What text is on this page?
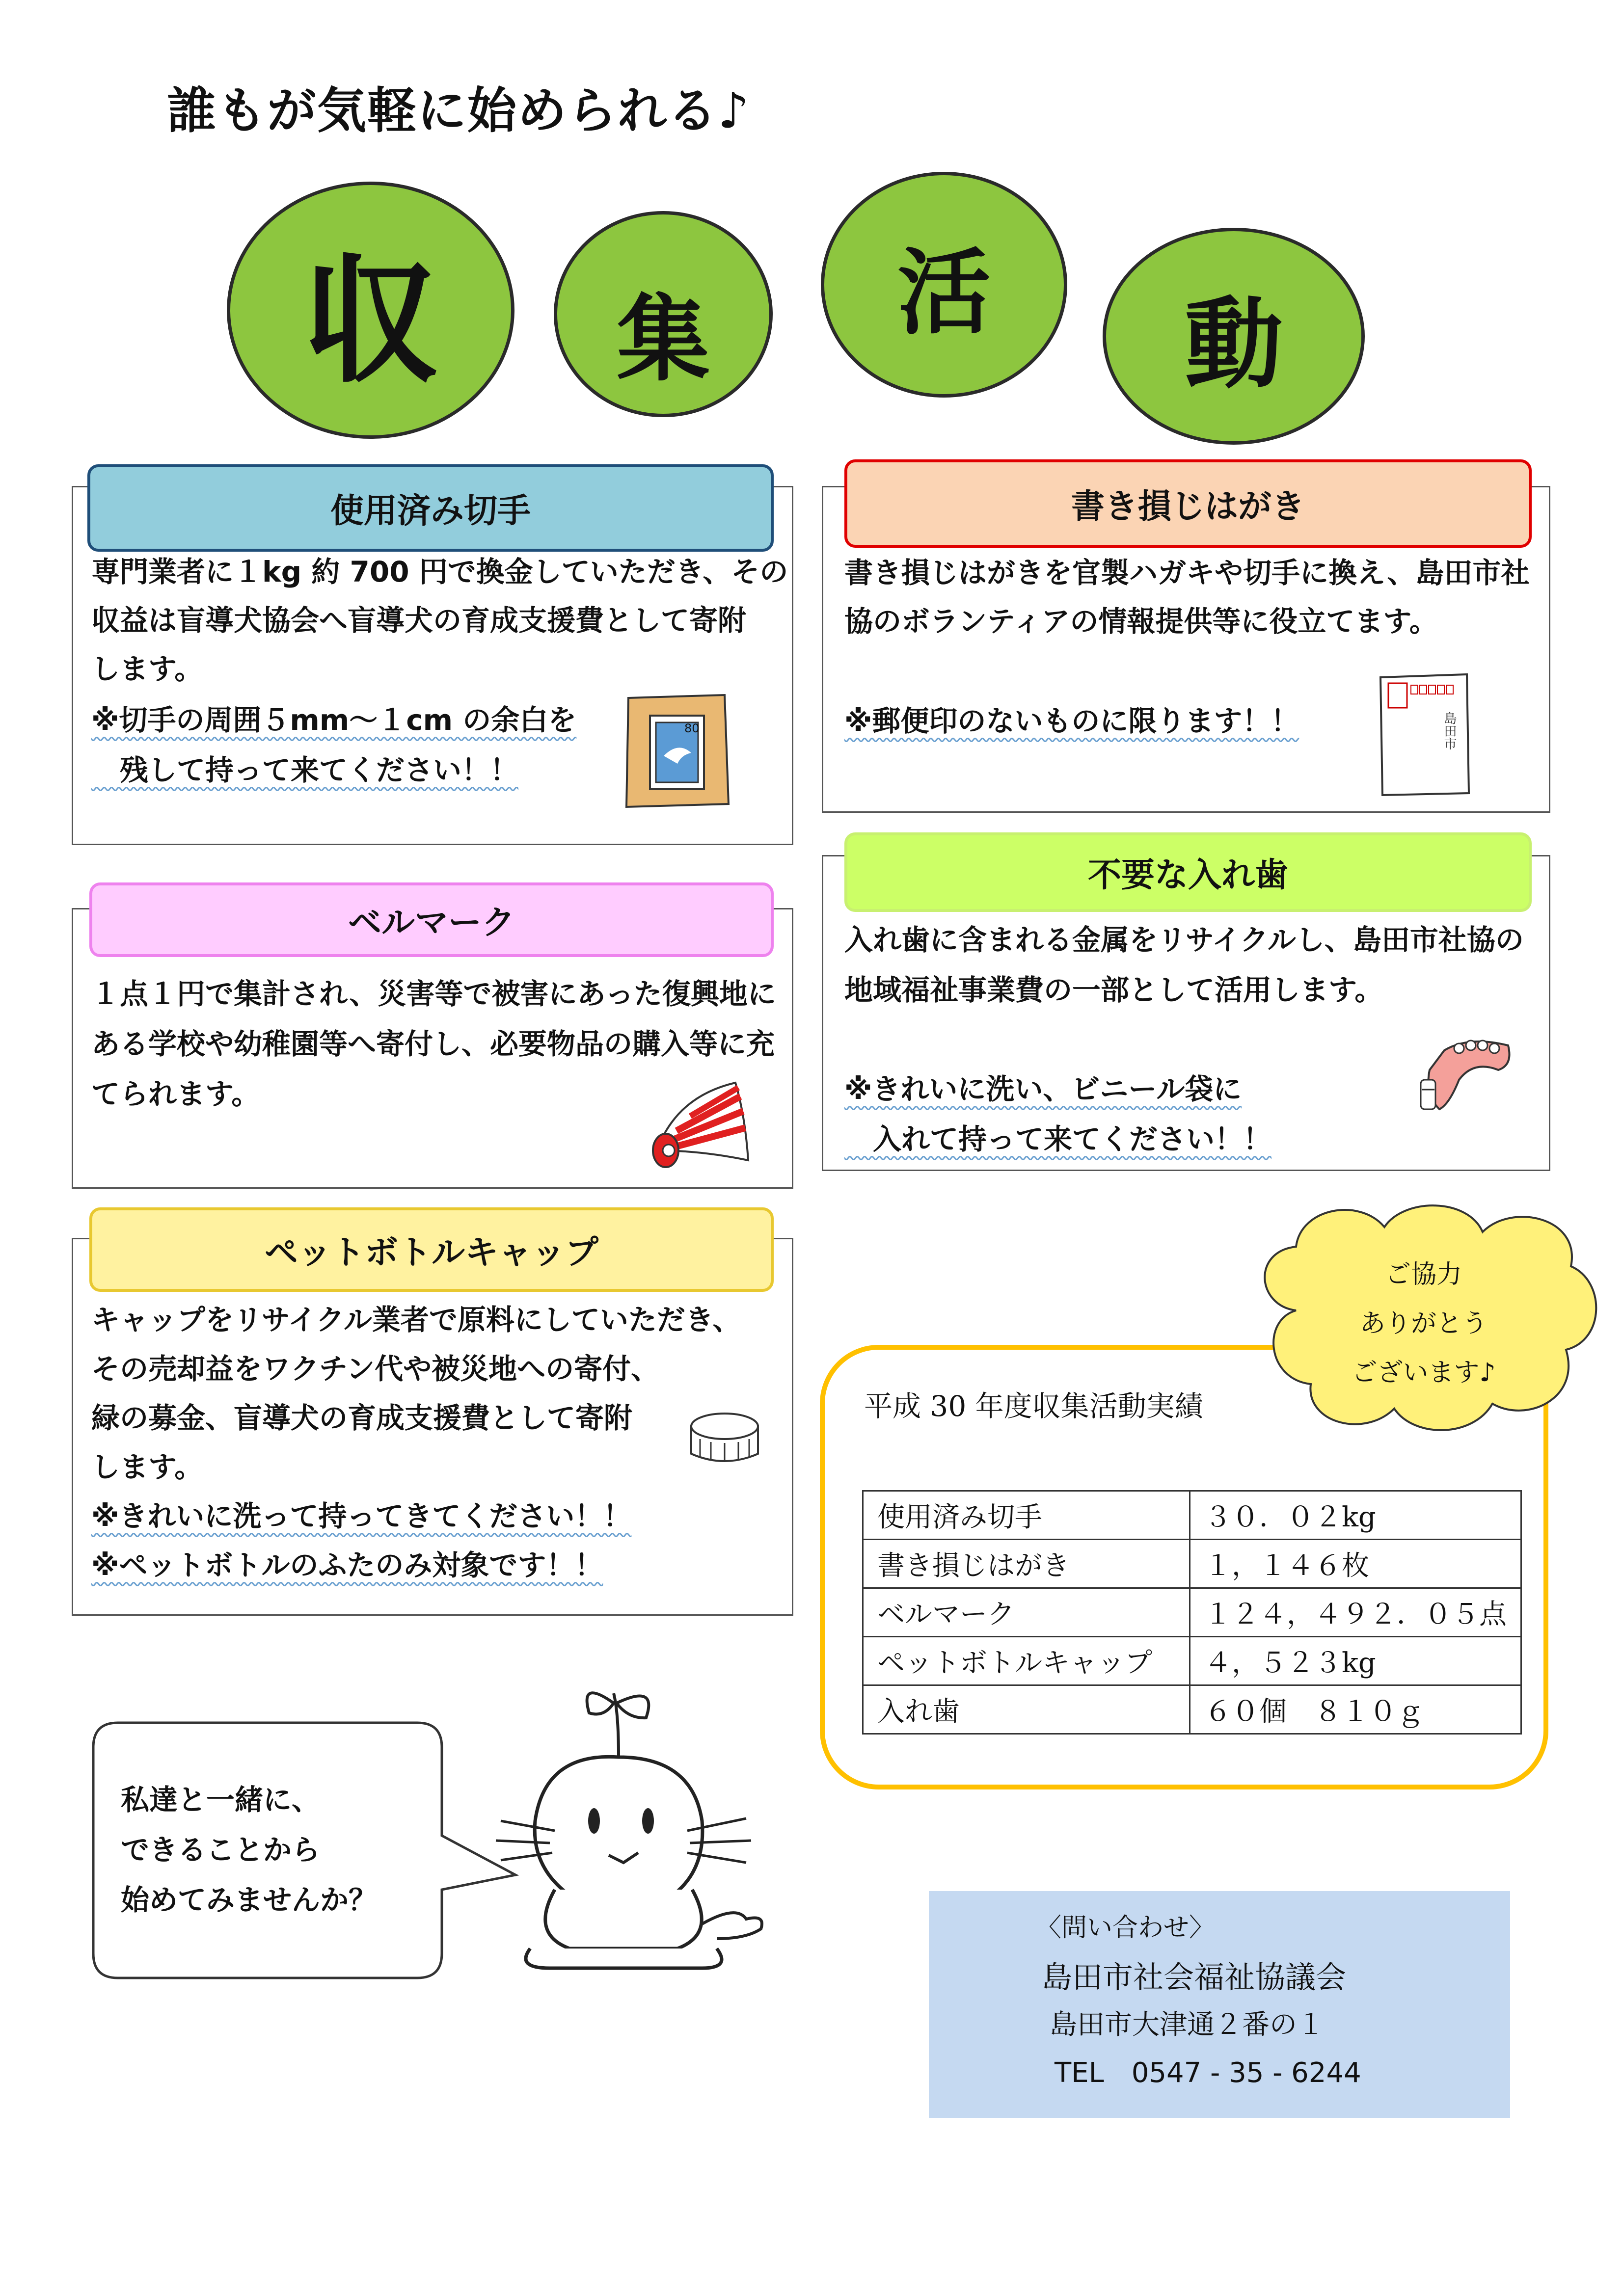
誰もが気軽に始められる♪
収 集 活 動
使用済み切手
専門業者に１kg 約 700 円で換金していただき、その
収益は盲導犬協会へ盲導犬の育成支援費として寄附
します。
※切手の周囲５mm～１cm の余白を
　残して持って来てください！！
80
書き損じはがき
書き損じはがきを官製ハガキや切手に換え、島田市社
協のボランティアの情報提供等に役立てます。
※郵便印のないものに限ります！！	島田市
ベルマーク
１点１円で集計され、災害等で被害にあった復興地に
ある学校や幼稚園等へ寄付し、必要物品の購入等に充
てられます。
不要な入れ歯
入れ歯に含まれる金属をリサイクルし、島田市社協の
地域福祉事業費の一部として活用します。
※きれいに洗い、ビニール袋に
　入れて持って来てください！！
ペットボトルキャップ
キャップをリサイクル業者で原料にしていただき、
その売却益をワクチン代や被災地への寄付、
緑の募金、盲導犬の育成支援費として寄附
します。
※きれいに洗って持ってきてください！！
※ペットボトルのふたのみ対象です！！
平成 30 年度収集活動実績
使用済み切手	３０．０２kg
書き損じはがき	１，１４６枚
ベルマーク	１２４，４９２．０５点
ペットボトルキャップ	４，５２３kg
入れ歯	６０個　８１０ｇ
ご協力
ありがとう
ございます♪
私達と一緒に、
できることから
始めてみませんか？
〈問い合わせ〉
島田市社会福祉協議会
島田市大津通２番の１
TEL　0547 - 35 - 6244
